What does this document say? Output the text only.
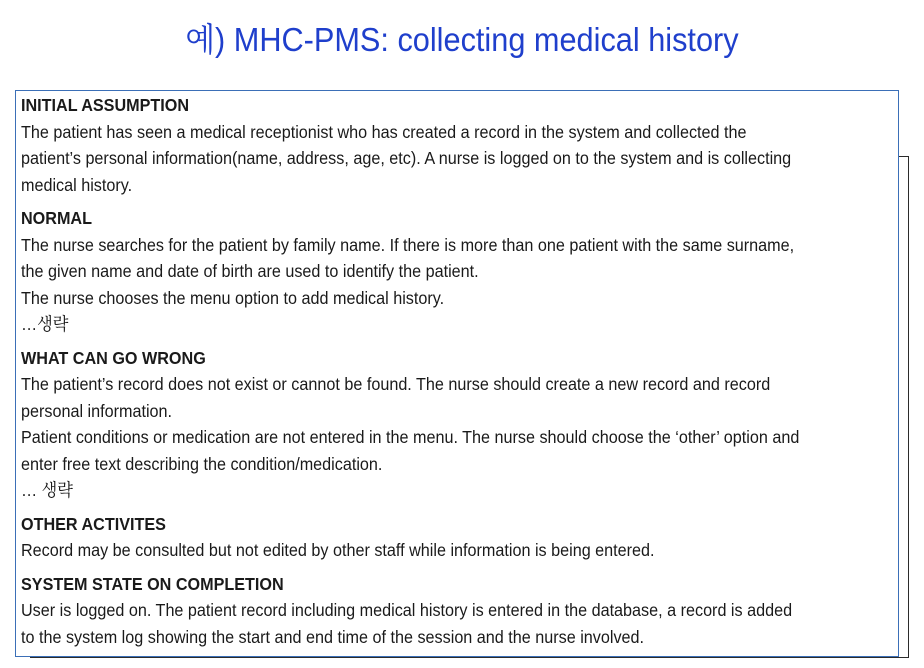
예) MHC-PMS: collecting medical history
INITIAL ASSUMPTION
The patient has seen a medical receptionist who has created a record in the system and collected the
patient’s personal information(name, address, age, etc). A nurse is logged on to the system and is collecting
medical history.
NORMAL
The nurse searches for the patient by family name. If there is more than one patient with the same surname,
the given name and date of birth are used to identify the patient.
The nurse chooses the menu option to add medical history.
…생략
WHAT CAN GO WRONG
The patient’s record does not exist or cannot be found. The nurse should create a new record and record
personal information.
Patient conditions or medication are not entered in the menu. The nurse should choose the ‘other’ option and
enter free text describing the condition/medication.
… 생략
OTHER ACTIVITES
Record may be consulted but not edited by other staff while information is being entered.
SYSTEM STATE ON COMPLETION
User is logged on. The patient record including medical history is entered in the database, a record is added
to the system log showing the start and end time of the session and the nurse involved.
